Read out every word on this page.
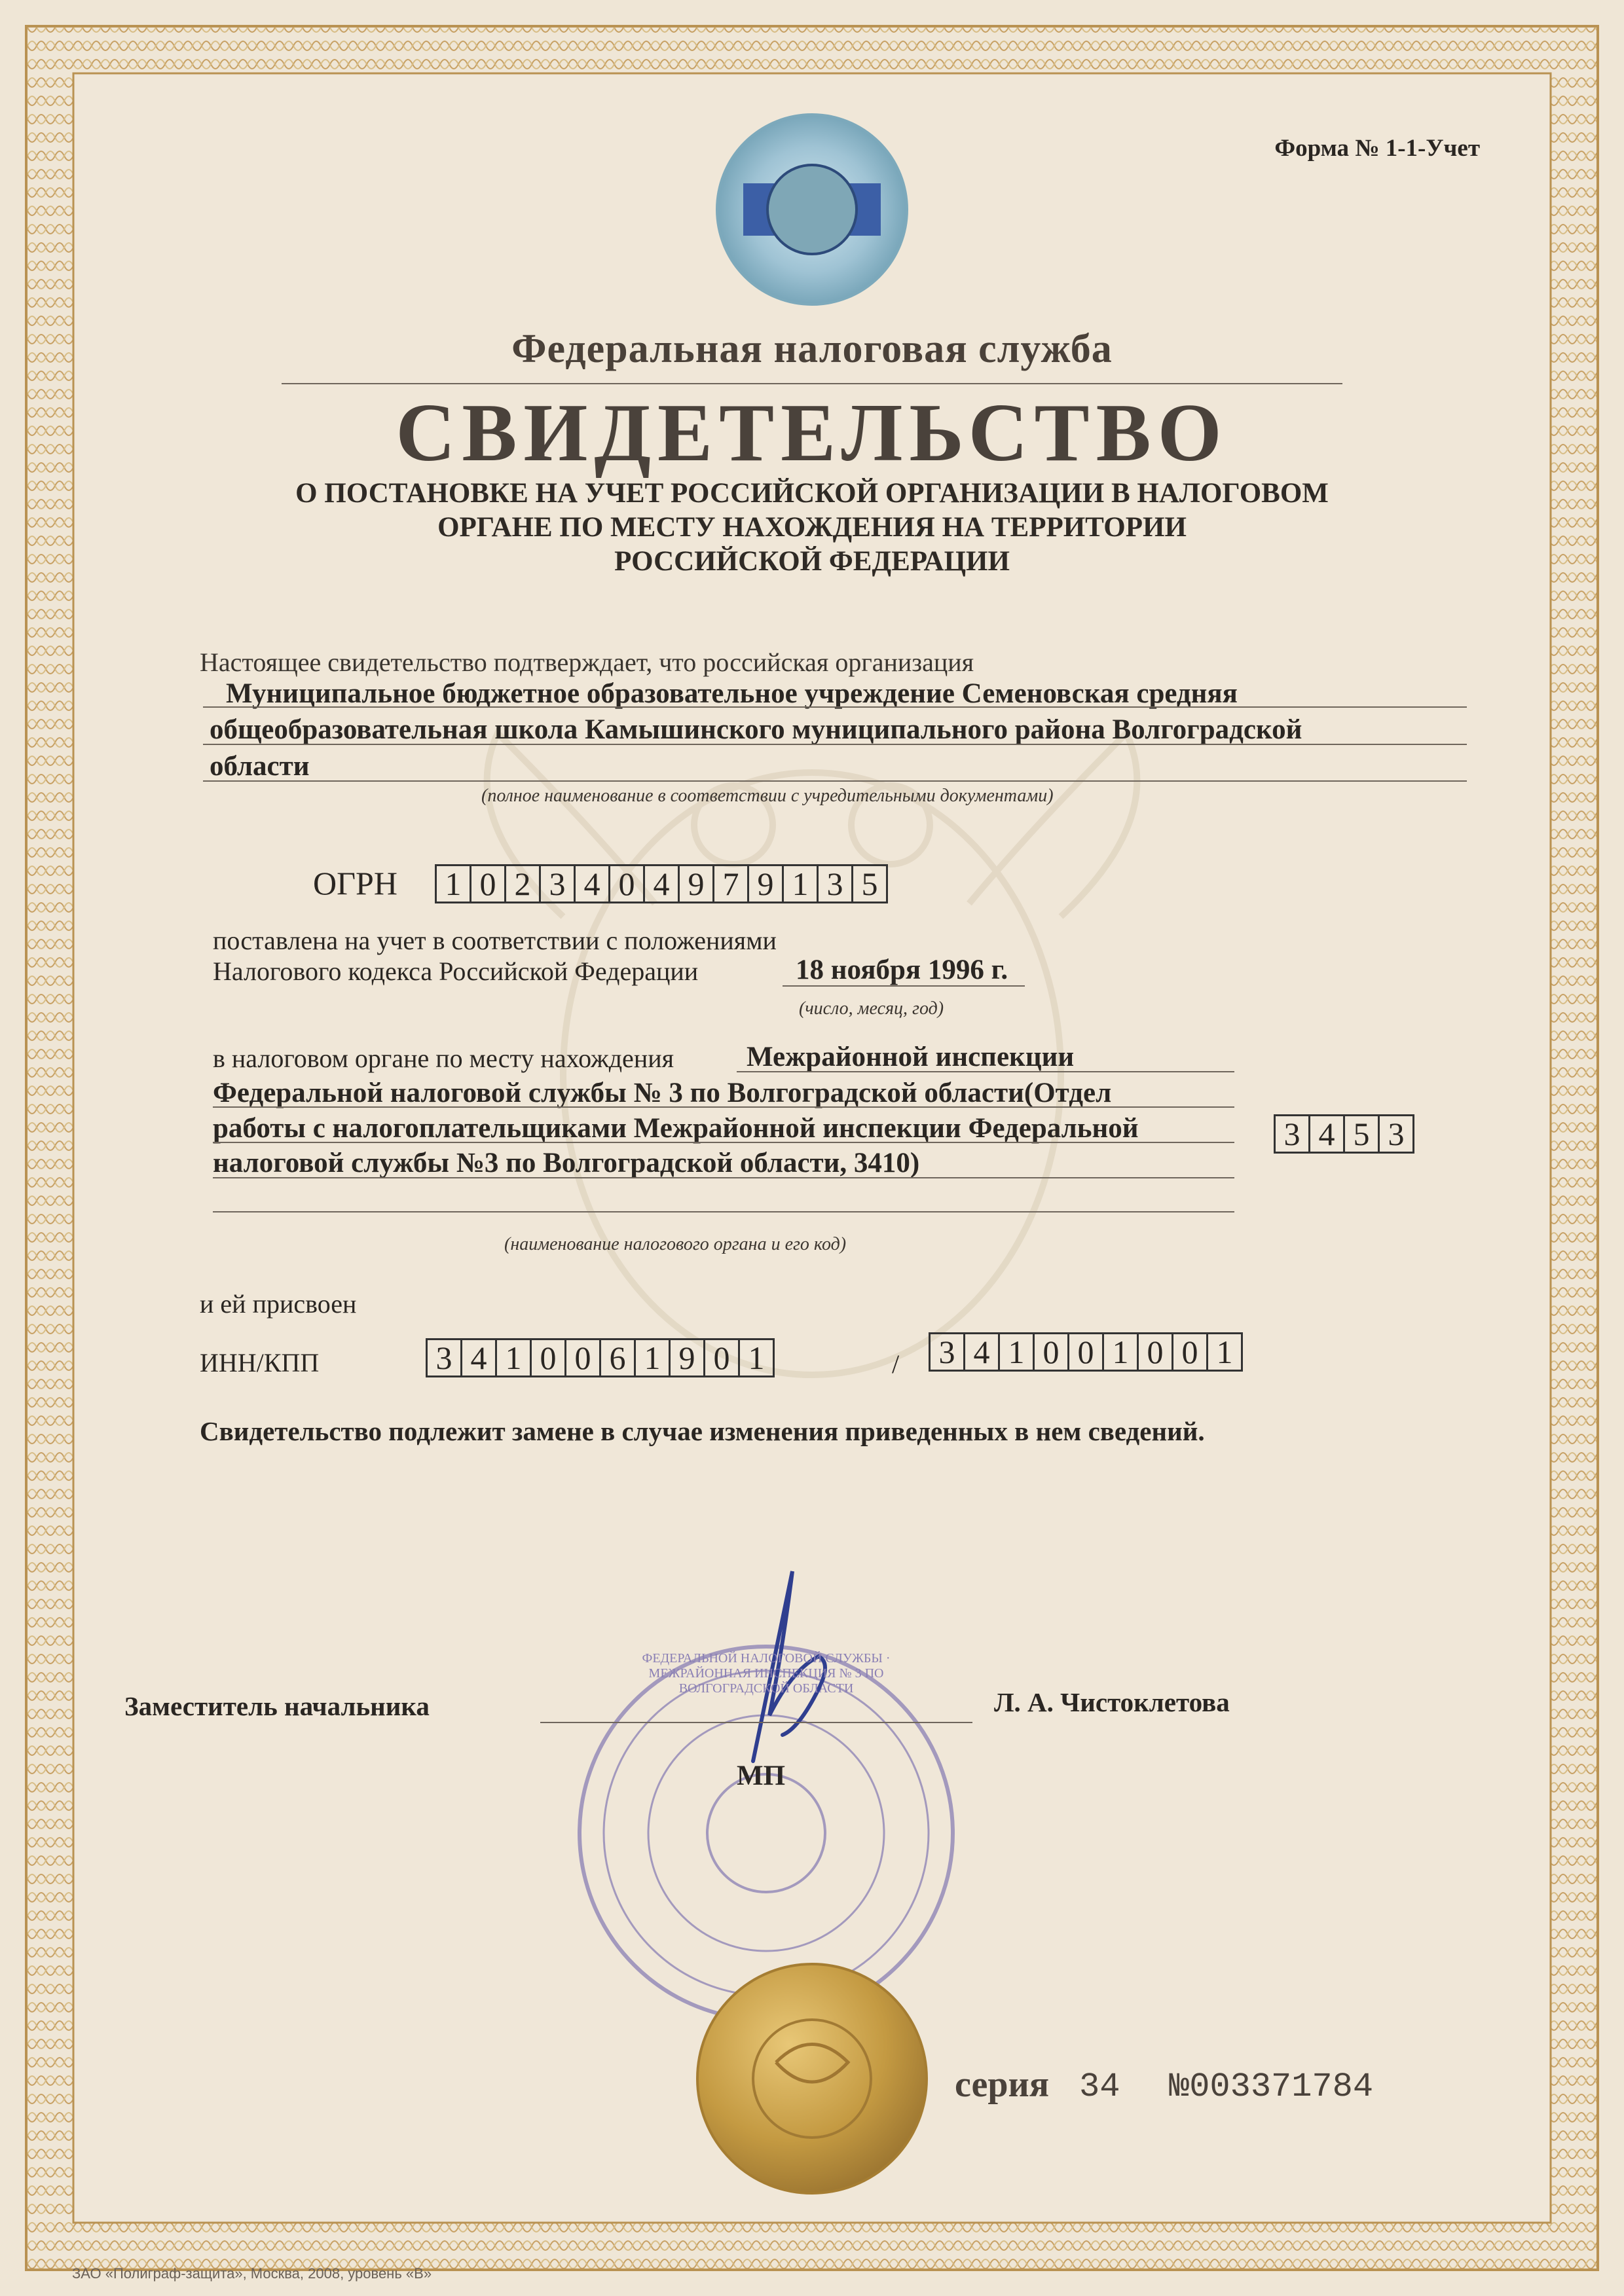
Форма № 1-1-Учет
Федеральная налоговая служба
СВИДЕТЕЛЬСТВО
О ПОСТАНОВКЕ НА УЧЕТ РОССИЙСКОЙ ОРГАНИЗАЦИИ В НАЛОГОВОМ
ОРГАНЕ ПО МЕСТУ НАХОЖДЕНИЯ НА ТЕРРИТОРИИ
РОССИЙСКОЙ ФЕДЕРАЦИИ
Настоящее свидетельство подтверждает, что российская организация
Муниципальное бюджетное образовательное учреждение Семеновская средняя
общеобразовательная школа Камышинского муниципального района Волгоградской
области
(полное наименование в соответствии с учредительными документами)
ОГРН 1 0 2 3 4 0 4 9 7 9 1 3 5
поставлена на учет в соответствии с положениями
Налогового кодекса Российской Федерации	18 ноября 1996 г.
(число, месяц, год)
в налоговом органе по месту нахождения	Межрайонной инспекции
Федеральной налоговой службы № 3 по Волгоградской области(Отдел
работы с налогоплательщиками Межрайонной инспекции Федеральной
налоговой службы №3 по Волгоградской области, 3410)
3 4 5 3
(наименование налогового органа и его код)
и ей присвоен
ИНН/КПП	3 4 1 0 0 6 1 9 0 1	/ 3 4 1 0 0 1 0 0 1
Свидетельство подлежит замене в случае изменения приведенных в нем сведений.
Заместитель начальника	Л. А. Чистоклетова
МП
ФЕДЕРАЛЬНОЙ НАЛОГОВОЙ СЛУЖБЫ · МЕЖРАЙОННАЯ ИНСПЕКЦИЯ № 3 ПО ВОЛГОГРАДСКОЙ ОБЛАСТИ
серия 34 №003371784
ЗАО «Полиграф-защита», Москва, 2008, уровень «В»
